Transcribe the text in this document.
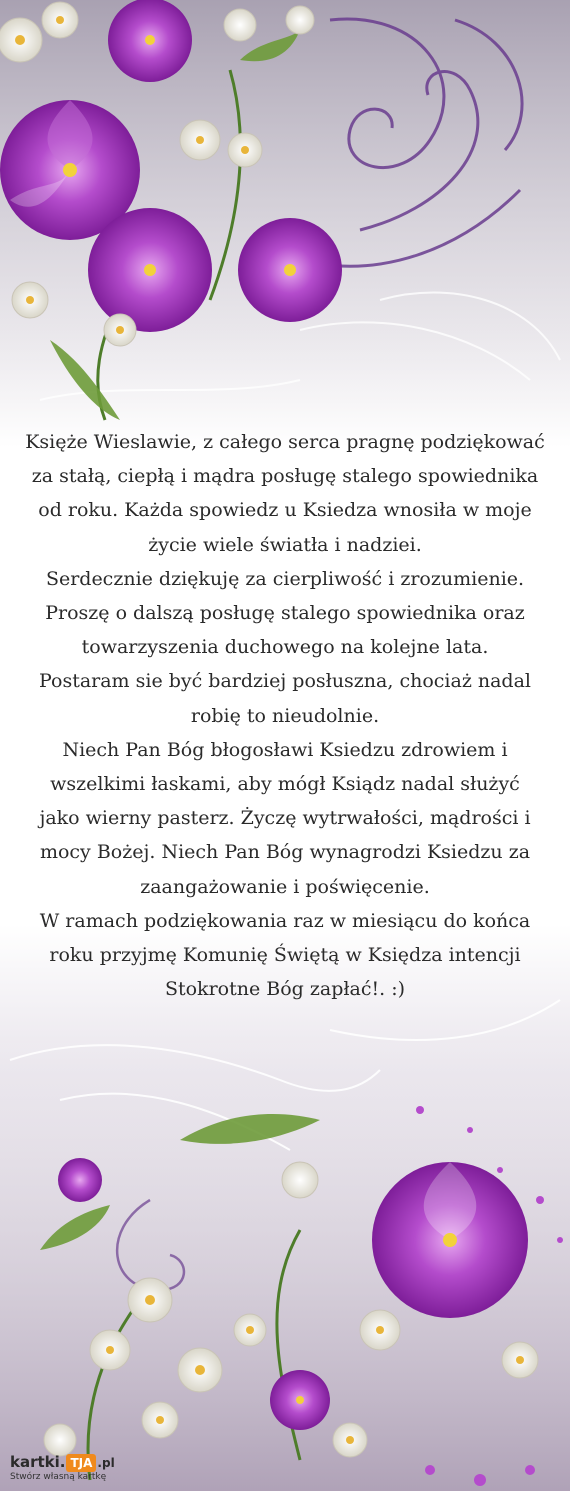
Księże Wieslawie, z całego serca pragnę podziękować
za stałą, ciepłą i mądra posługę stalego spowiednika
od roku. Każda spowiedz u Ksiedza wnosiła w moje
życie wiele światła i nadziei.
Serdecznie dziękuję za cierpliwość i zrozumienie.
Proszę o dalszą posługę stalego spowiednika oraz
towarzyszenia duchowego na kolejne lata.
Postaram sie być bardziej posłuszna, chociaż nadal
robię to nieudolnie.
Niech Pan Bóg błogosławi Ksiedzu zdrowiem i
wszelkimi łaskami, aby mógł Ksiądz nadal służyć
jako wierny pasterz. Życzę wytrwałości, mądrości i
mocy Bożej. Niech Pan Bóg wynagrodzi Ksiedzu za
zaangażowanie i poświęcenie.
W ramach podziękowania raz w miesiącu do końca
roku przyjmę Komunię Świętą w Księdza intencji
Stokrotne Bóg zapłać!. :)
kartki. TJA .pl
Stwórz własną kartkę
